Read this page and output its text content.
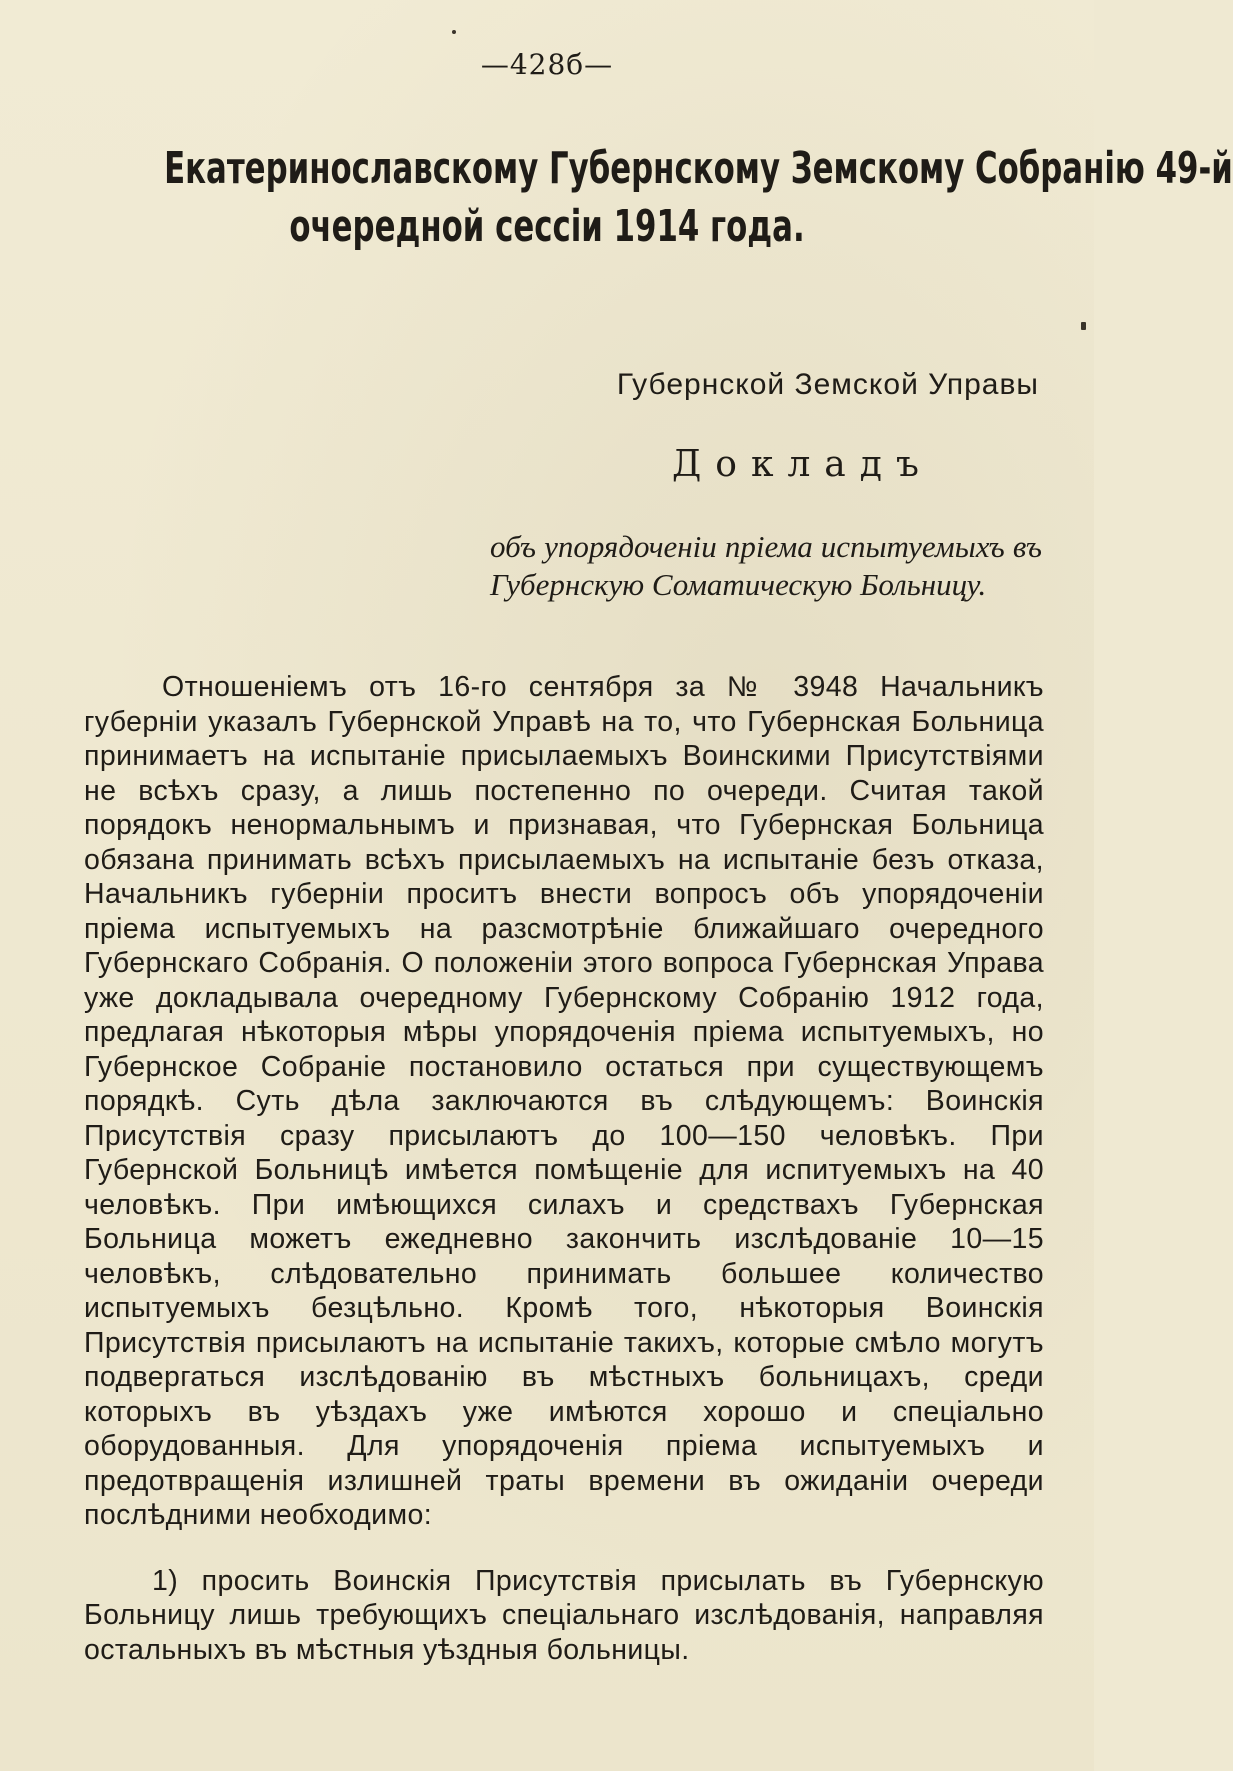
—428б—
Екатеринославскому Губернскому Земскому Собранію 49-й
очередной сессіи 1914 года.
Губернской Земской Управы
Докладъ
объ упорядоченіи пріема испытуемыхъ въ Губернскую Соматическую Больницу.

Отношеніемъ отъ 16-го сентября за № 3948 Начальникъ губерніи указалъ Губернской Управѣ на то, что Губернская Больница принимаетъ на испытаніе присылаемыхъ Воинскими Присутствіями не всѣхъ сразу, а лишь постепенно по очереди. Считая такой порядокъ ненормальнымъ и признавая, что Губернская Больница обязана принимать всѣхъ присылаемыхъ на испытаніе безъ отказа, Начальникъ губерніи проситъ внести вопросъ объ упорядоченіи пріема испытуемыхъ на разсмотрѣніе ближайшаго очередного Губернскаго Собранія. О положеніи этого вопроса Губернская Управа уже докладывала очередному Губернскому Собранію 1912 года, предлагая нѣкоторыя мѣры упорядоченія пріема испытуемыхъ, но Губернское Собраніе постановило остаться при существующемъ порядкѣ. Суть дѣла заключаются въ слѣдующемъ: Воинскія Присутствія сразу присылаютъ до 100—150 человѣкъ. При Губернской Больницѣ имѣется помѣщеніе для испитуемыхъ на 40 человѣкъ. При имѣющихся силахъ и средствахъ Губернская Больница можетъ ежедневно закончить изслѣдованіе 10—15 человѣкъ, слѣдовательно принимать большее количество испытуемыхъ безцѣльно. Кромѣ того, нѣкоторыя Воинскія Присутствія присылаютъ на испытаніе такихъ, которые смѣло могутъ подвергаться изслѣдованію въ мѣстныхъ больницахъ, среди которыхъ въ уѣздахъ уже имѣются хорошо и спеціально оборудованныя. Для упорядоченія пріема испытуемыхъ и предотвращенія излишней траты времени въ ожиданіи очереди послѣдними необходимо:

1) просить Воинскія Присутствія присылать въ Губернскую Больницу лишь требующихъ спеціальнаго изслѣдованія, направляя остальныхъ въ мѣстныя уѣздныя больницы.
